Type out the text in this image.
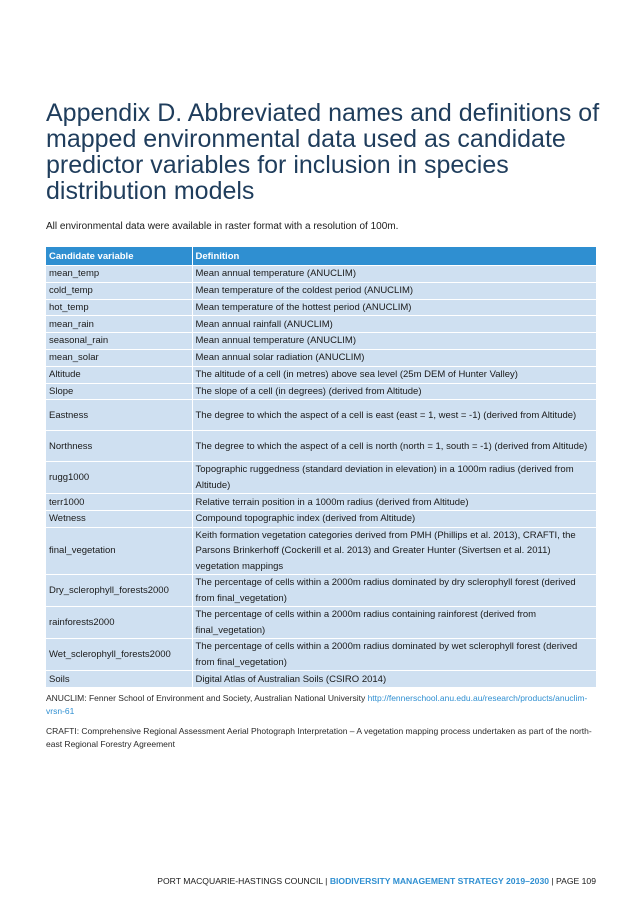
Appendix D. Abbreviated names and definitions of mapped environmental data used as candidate predictor variables for inclusion in species distribution models
All environmental data were available in raster format with a resolution of 100m.
Candidate variable	Definition
mean_temp	Mean annual temperature (ANUCLIM)
cold_temp	Mean temperature of the coldest period (ANUCLIM)
hot_temp	Mean temperature of the hottest period (ANUCLIM)
mean_rain	Mean annual rainfall (ANUCLIM)
seasonal_rain	Mean annual temperature (ANUCLIM)
mean_solar	Mean annual solar radiation (ANUCLIM)
Altitude	The altitude of a cell (in metres) above sea level (25m DEM of Hunter Valley)
Slope	The slope of a cell (in degrees) (derived from Altitude)
Eastness	The degree to which the aspect of a cell is east (east = 1, west = -1) (derived from Altitude)
Northness	The degree to which the aspect of a cell is north (north = 1, south = -1) (derived from Altitude)
rugg1000	Topographic ruggedness (standard deviation in elevation) in a 1000m radius (derived from Altitude)
terr1000	Relative terrain position in a 1000m radius (derived from Altitude)
Wetness	Compound topographic index (derived from Altitude)
final_vegetation	Keith formation vegetation categories derived from PMH (Phillips et al. 2013), CRAFTI, the Parsons Brinkerhoff (Cockerill et al. 2013) and Greater Hunter (Sivertsen et al. 2011) vegetation mappings
Dry_sclerophyll_forests2000	The percentage of cells within a 2000m radius dominated by dry sclerophyll forest (derived from final_vegetation)
rainforests2000	The percentage of cells within a 2000m radius containing rainforest (derived from final_vegetation)
Wet_sclerophyll_forests2000	The percentage of cells within a 2000m radius dominated by wet sclerophyll forest (derived from final_vegetation)
Soils	Digital Atlas of Australian Soils (CSIRO 2014)

ANUCLIM: Fenner School of Environment and Society, Australian National University http://fennerschool.anu.edu.au/research/products/anuclim-vrsn-61

CRAFTI: Comprehensive Regional Assessment Aerial Photograph Interpretation – A vegetation mapping process undertaken as part of the north-east Regional Forestry Agreement

PORT MACQUARIE-HASTINGS COUNCIL | BIODIVERSITY MANAGEMENT STRATEGY 2019–2030 | PAGE 109
